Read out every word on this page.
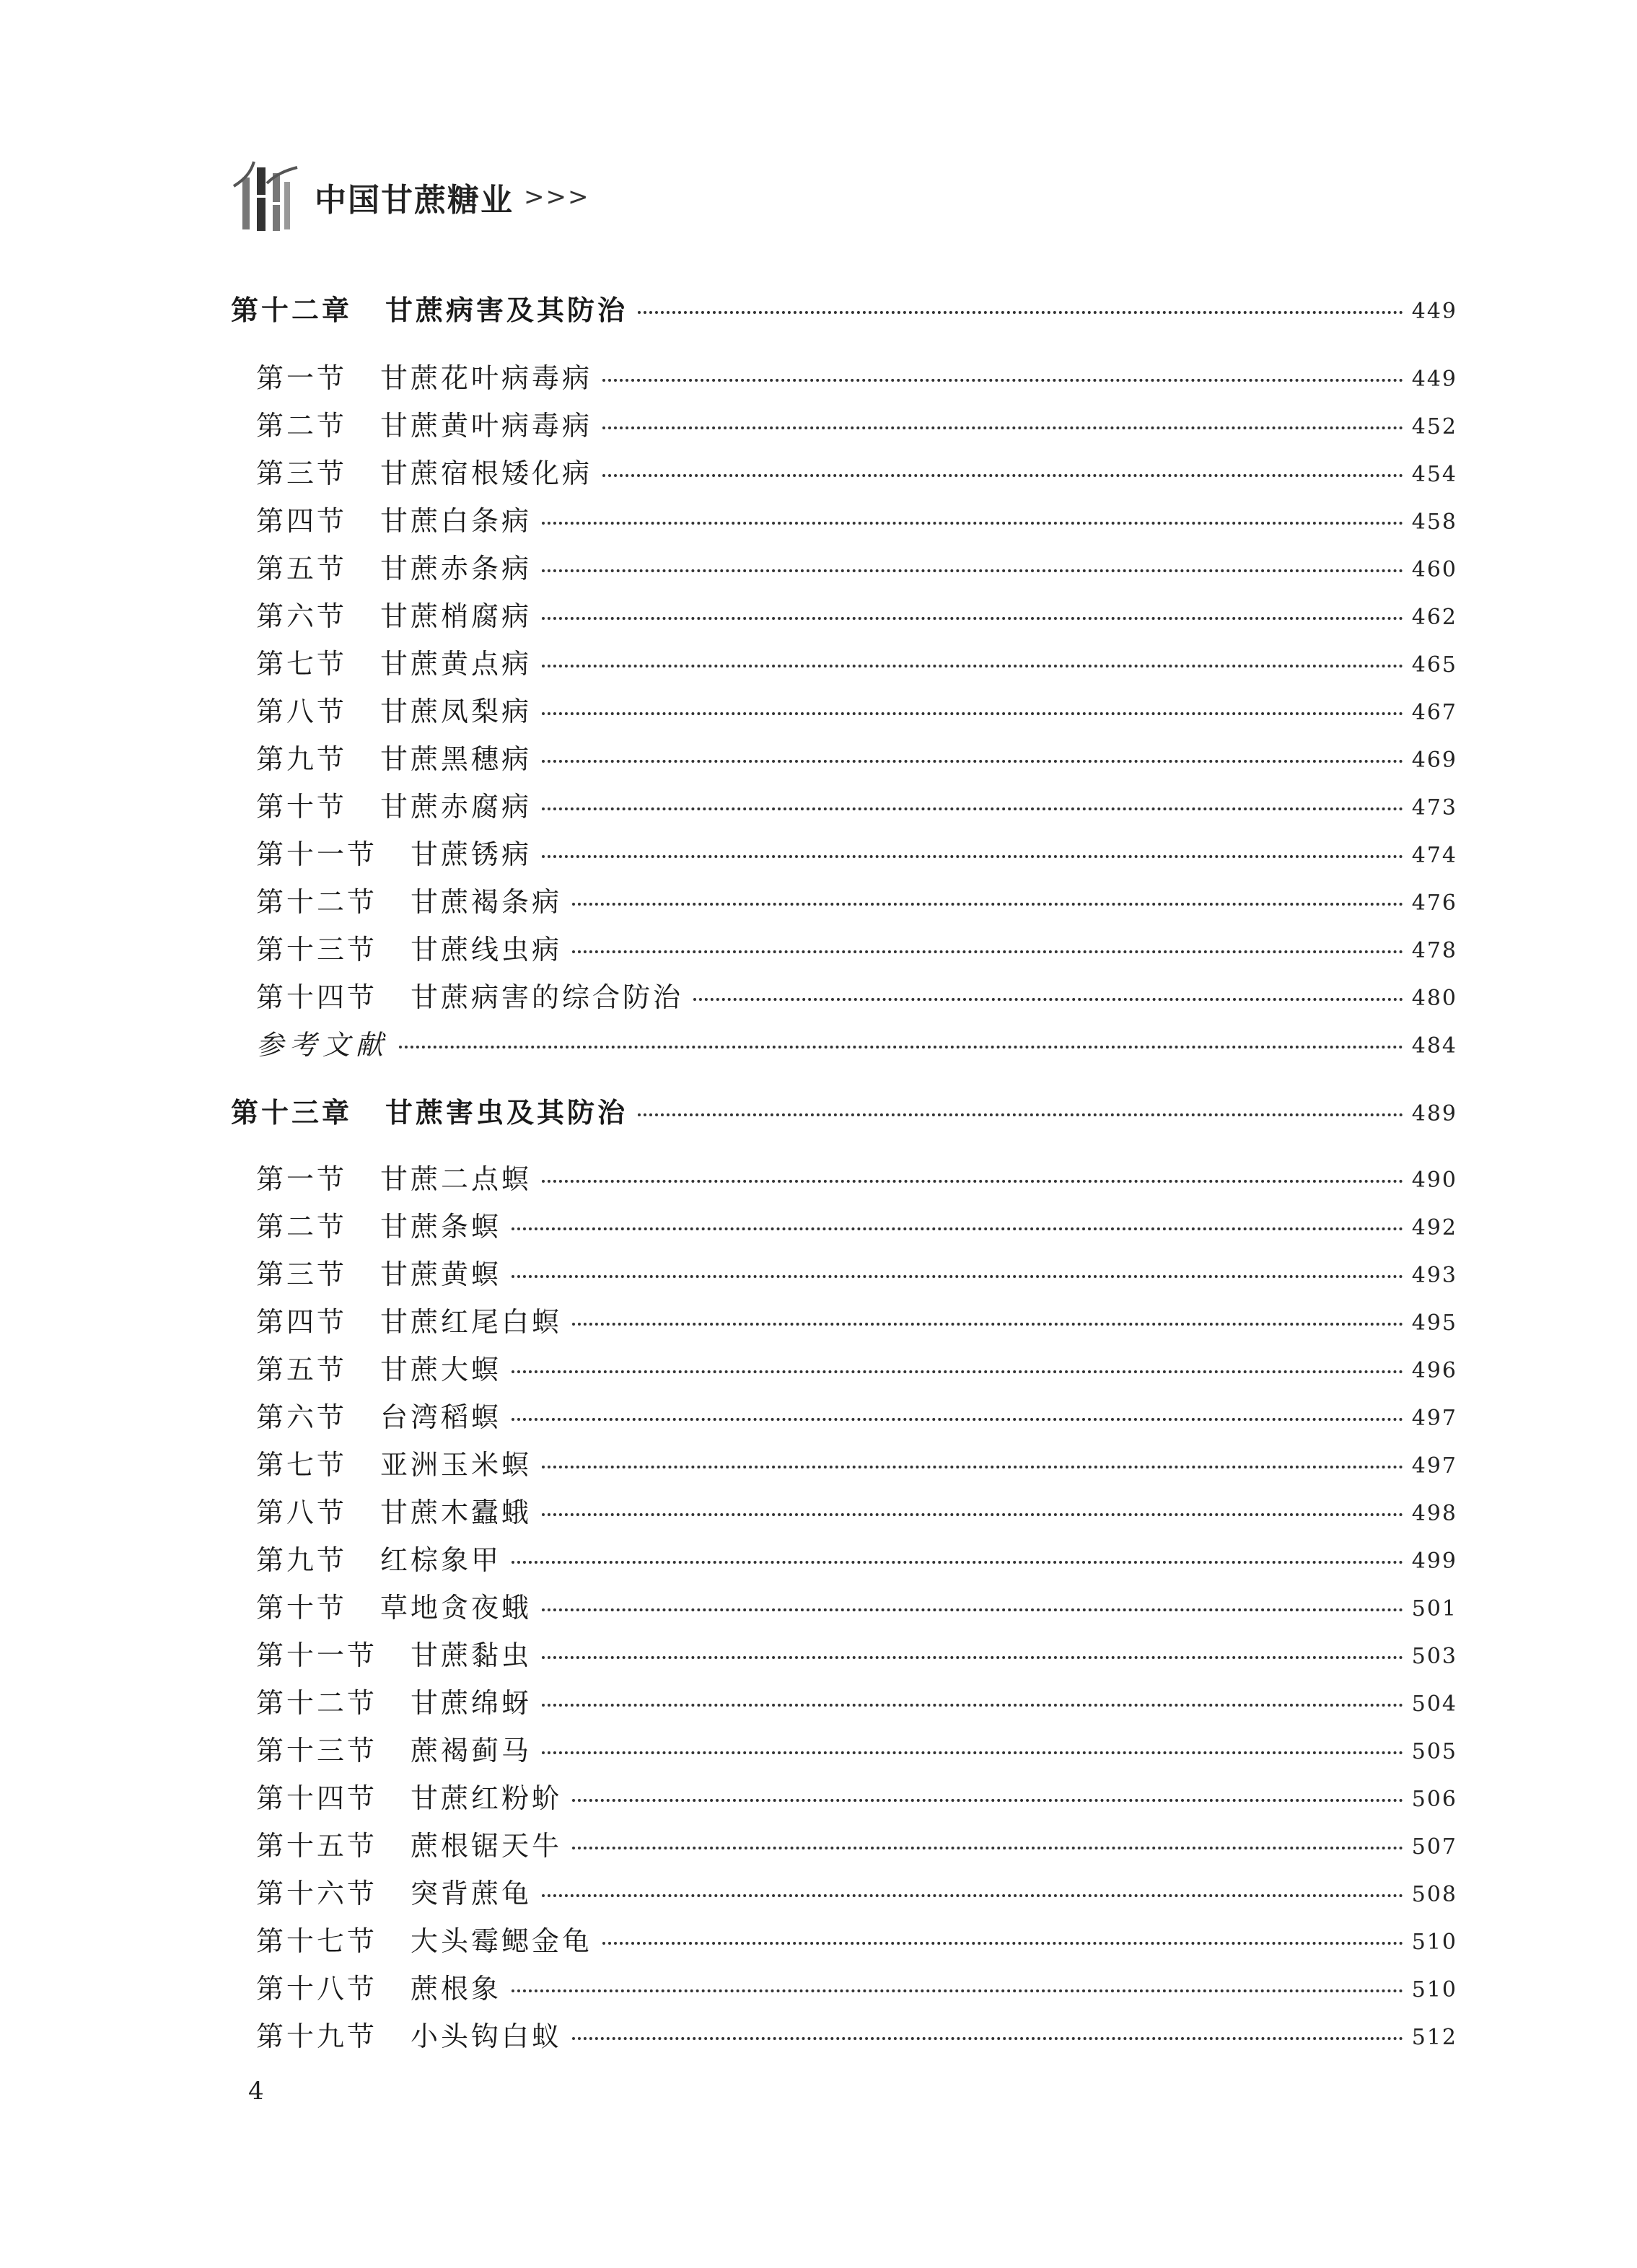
中国甘蔗糖业 >>>
第十二章 甘蔗病害及其防治	449
第一节 甘蔗花叶病毒病	449
第二节 甘蔗黄叶病毒病	452
第三节 甘蔗宿根矮化病	454
第四节 甘蔗白条病	458
第五节 甘蔗赤条病	460
第六节 甘蔗梢腐病	462
第七节 甘蔗黄点病	465
第八节 甘蔗凤梨病	467
第九节 甘蔗黑穗病	469
第十节 甘蔗赤腐病	473
第十一节 甘蔗锈病	474
第十二节 甘蔗褐条病	476
第十三节 甘蔗线虫病	478
第十四节 甘蔗病害的综合防治	480
参考文献	484
第十三章 甘蔗害虫及其防治	489
第一节 甘蔗二点螟	490
第二节 甘蔗条螟	492
第三节 甘蔗黄螟	493
第四节 甘蔗红尾白螟	495
第五节 甘蔗大螟	496
第六节 台湾稻螟	497
第七节 亚洲玉米螟	497
第八节 甘蔗木蠹蛾	498
第九节 红棕象甲	499
第十节 草地贪夜蛾	501
第十一节 甘蔗黏虫	503
第十二节 甘蔗绵蚜	504
第十三节 蔗褐蓟马	505
第十四节 甘蔗红粉蚧	506
第十五节 蔗根锯天牛	507
第十六节 突背蔗龟	508
第十七节 大头霉鳃金龟	510
第十八节 蔗根象	510
第十九节 小头钩白蚁	512
4
